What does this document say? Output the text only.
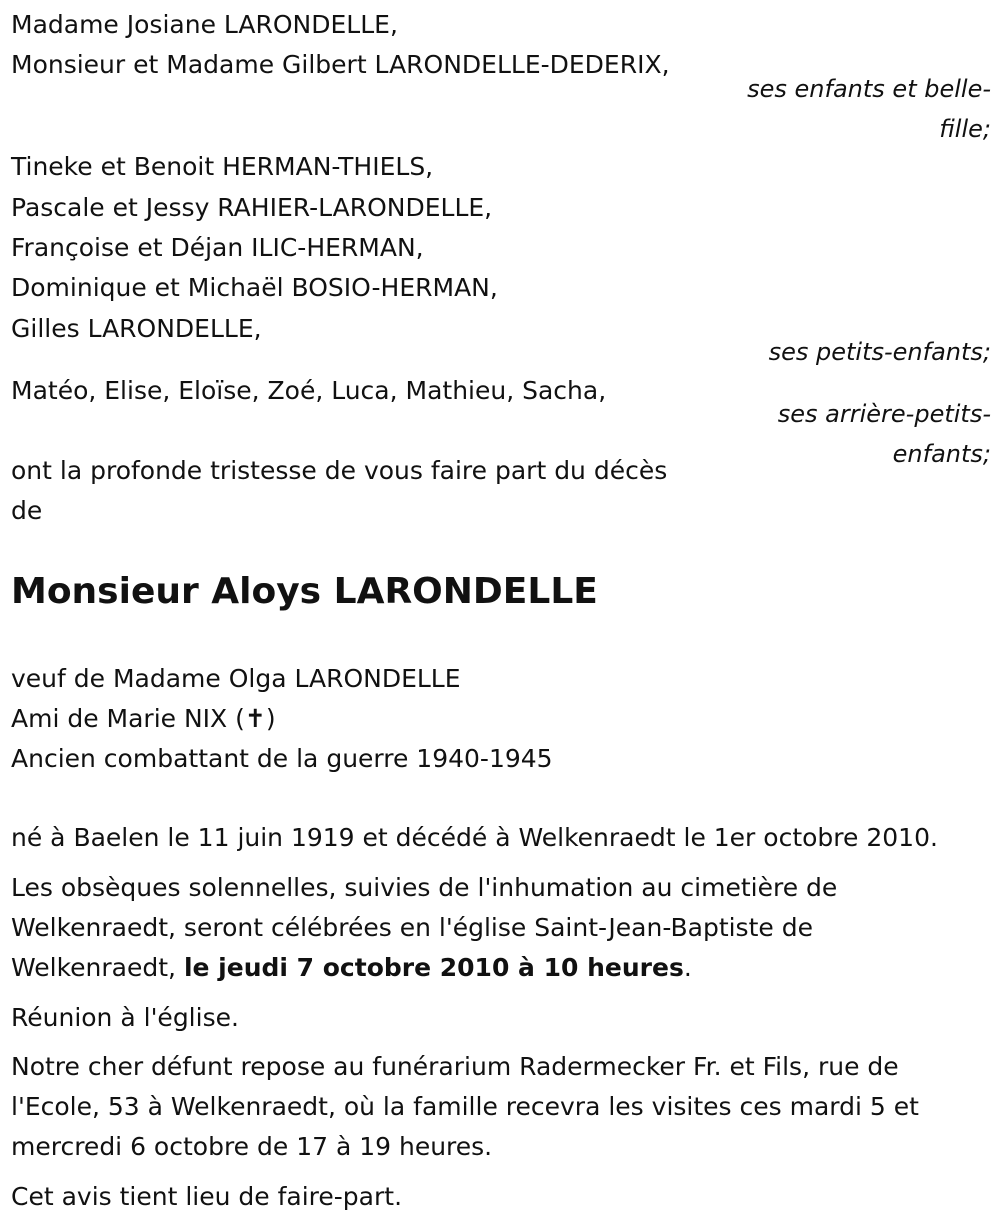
Madame Josiane LARONDELLE,
Monsieur et Madame Gilbert LARONDELLE-DEDERIX,
ses enfants et belle-
fille;
Tineke et Benoit HERMAN-THIELS,
Pascale et Jessy RAHIER-LARONDELLE,
Françoise et Déjan ILIC-HERMAN,
Dominique et Michaël BOSIO-HERMAN,
Gilles LARONDELLE,
ses petits-enfants;
Matéo, Elise, Eloïse, Zoé, Luca, Mathieu, Sacha,
ses arrière-petits-
enfants;
ont la profonde tristesse de vous faire part du décès
de
Monsieur Aloys LARONDELLE
veuf de Madame Olga LARONDELLE
Ami de Marie NIX (✝)
Ancien combattant de la guerre 1940-1945
né à Baelen le 11 juin 1919 et décédé à Welkenraedt le 1er octobre 2010.
Les obsèques solennelles, suivies de l'inhumation au cimetière de
Welkenraedt, seront célébrées en l'église Saint-Jean-Baptiste de
Welkenraedt, le jeudi 7 octobre 2010 à 10 heures.
Réunion à l'église.
Notre cher défunt repose au funérarium Radermecker Fr. et Fils, rue de
l'Ecole, 53 à Welkenraedt, où la famille recevra les visites ces mardi 5 et
mercredi 6 octobre de 17 à 19 heures.
Cet avis tient lieu de faire-part.
